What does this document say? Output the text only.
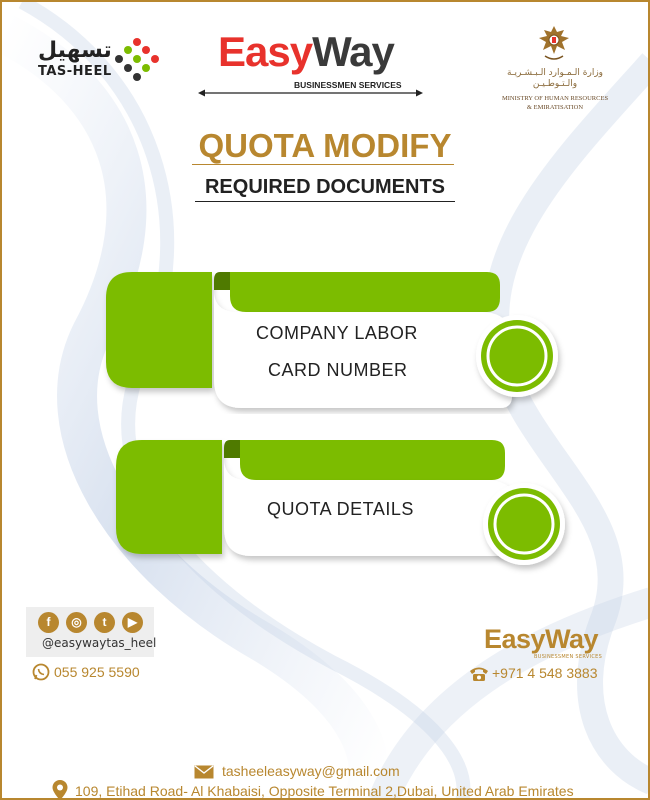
تسهيل
TAS-HEEL	EasyWay
BUSINESSMEN SERVICES
وزارة الـمـوارد الـبـشـريـة
والـتـوطـيـن
MINISTRY OF HUMAN RESOURCES
& EMIRATISATION
QUOTA MODIFY
REQUIRED DOCUMENTS
COMPANY LABOR
CARD NUMBER
QUOTA DETAILS
f	◎	t	▶
@easywaytas_heel
055 925 5590
EasyWay
BUSINESSMEN SERVICES
+971 4 548 3883
tasheeleasyway@gmail.com
109, Etihad Road- Al Khabaisi, Opposite Terminal 2,Dubai, United Arab Emirates
